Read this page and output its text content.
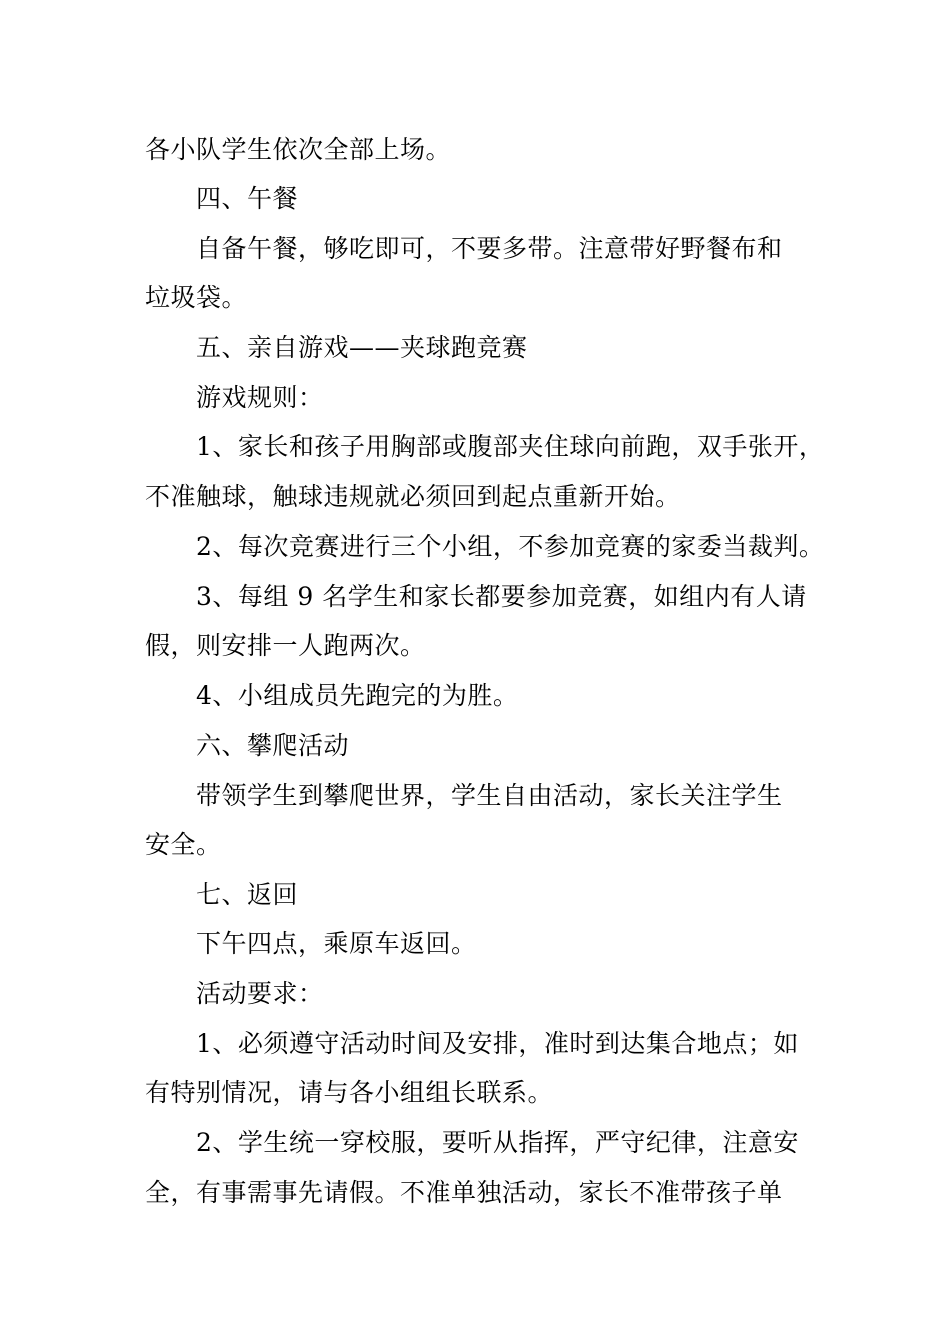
各小队学生依次全部上场。
四、午餐
自备午餐，够吃即可，不要多带。注意带好野餐布和
垃圾袋。
五、亲自游戏——夹球跑竞赛
游戏规则：
1、家长和孩子用胸部或腹部夹住球向前跑，双手张开，
不准触球，触球违规就必须回到起点重新开始。
2、每次竞赛进行三个小组，不参加竞赛的家委当裁判。
3、每组 9 名学生和家长都要参加竞赛，如组内有人请
假，则安排一人跑两次。
4、小组成员先跑完的为胜。
六、攀爬活动
带领学生到攀爬世界，学生自由活动，家长关注学生
安全。
七、返回
下午四点，乘原车返回。
活动要求：
1、必须遵守活动时间及安排，准时到达集合地点；如
有特别情况，请与各小组组长联系。
2、学生统一穿校服，要听从指挥，严守纪律，注意安
全，有事需事先请假。不准单独活动，家长不准带孩子单
